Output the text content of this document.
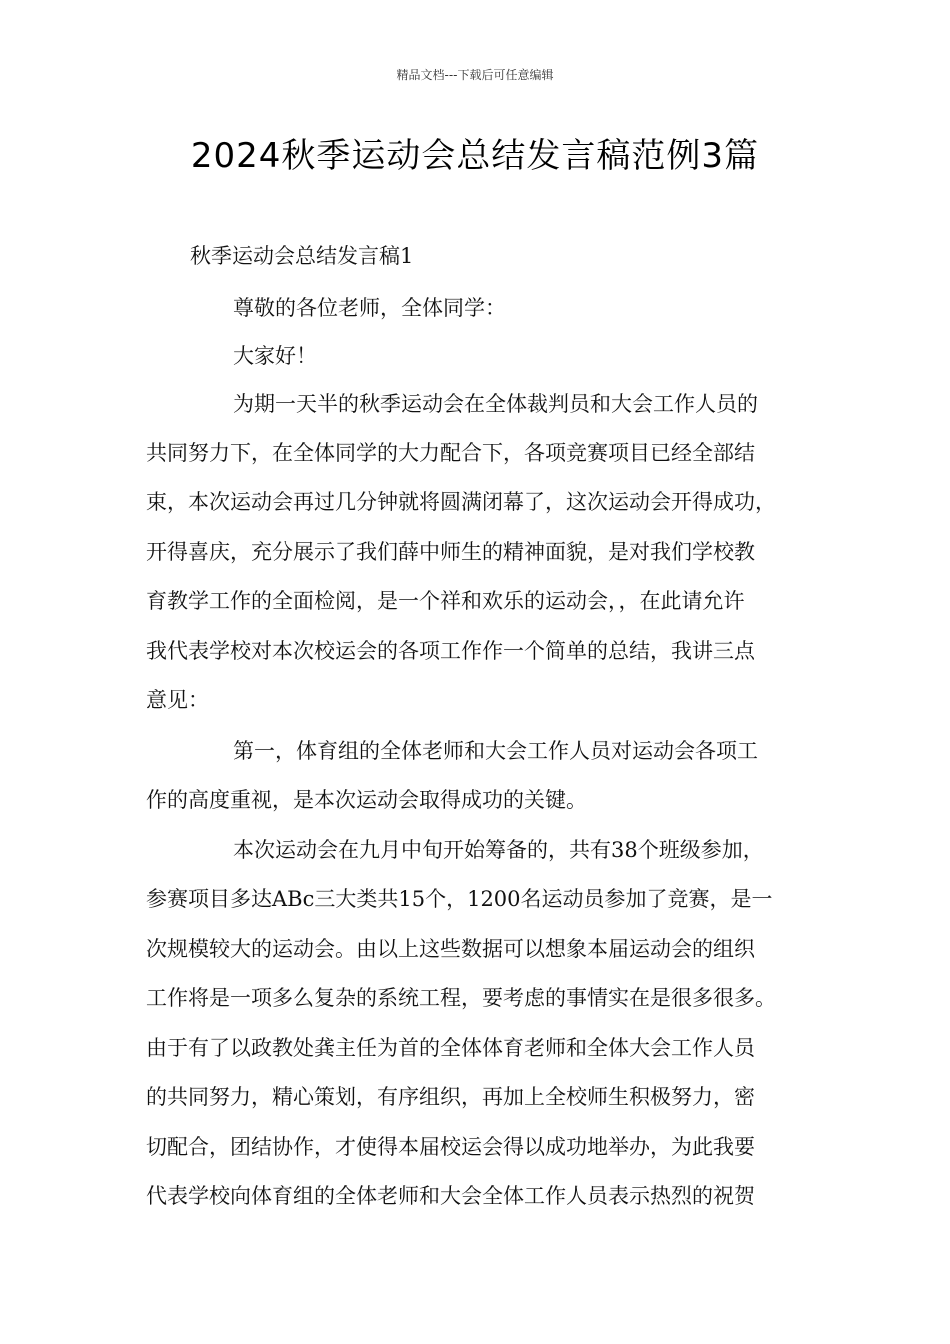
精品文档---下载后可任意编辑
2024秋季运动会总结发言稿范例3篇
秋季运动会总结发言稿1
尊敬的各位老师，全体同学：
大家好！
为期一天半的秋季运动会在全体裁判员和大会工作人员的
共同努力下，在全体同学的大力配合下，各项竞赛项目已经全部结
束，本次运动会再过几分钟就将圆满闭幕了，这次运动会开得成功，
开得喜庆，充分展示了我们薛中师生的精神面貌，是对我们学校教
育教学工作的全面检阅，是一个祥和欢乐的运动会，，在此请允许
我代表学校对本次校运会的各项工作作一个简单的总结，我讲三点
意见：
第一，体育组的全体老师和大会工作人员对运动会各项工
作的高度重视，是本次运动会取得成功的关键。
本次运动会在九月中旬开始筹备的，共有38个班级参加，
参赛项目多达ABc三大类共15个，1200名运动员参加了竞赛，是一
次规模较大的运动会。由以上这些数据可以想象本届运动会的组织
工作将是一项多么复杂的系统工程，要考虑的事情实在是很多很多。
由于有了以政教处龚主任为首的全体体育老师和全体大会工作人员
的共同努力，精心策划，有序组织，再加上全校师生积极努力，密
切配合，团结协作，才使得本届校运会得以成功地举办，为此我要
代表学校向体育组的全体老师和大会全体工作人员表示热烈的祝贺
